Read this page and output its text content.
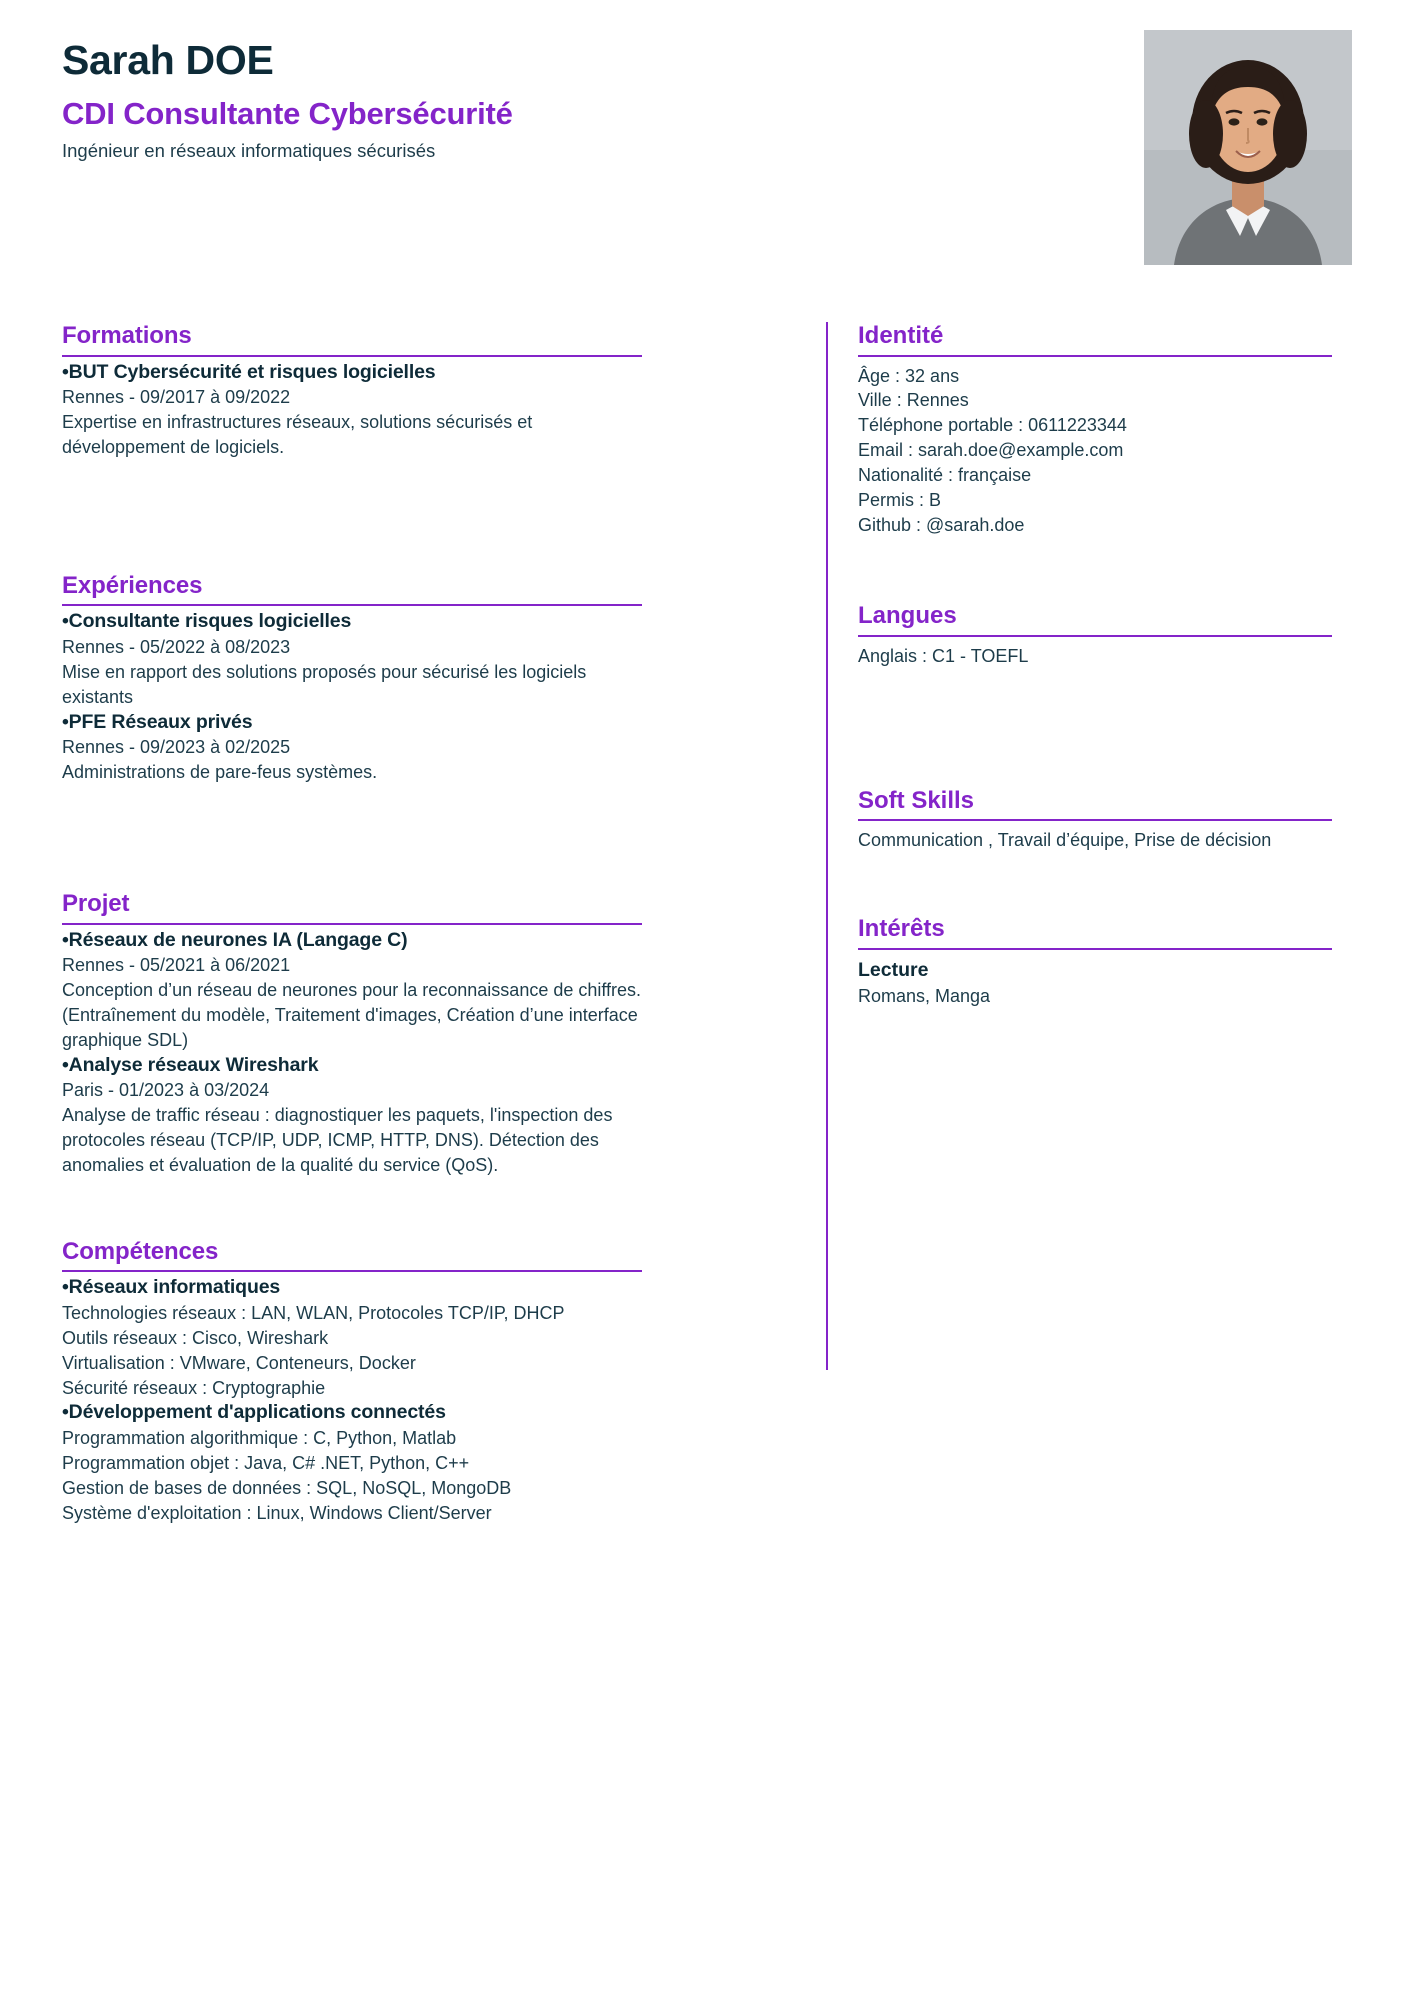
Sarah DOE
CDI Consultante Cybersécurité
Ingénieur en réseaux informatiques sécurisés
Formations
•BUT Cybersécurité et risques logicielles
Rennes - 09/2017 à 09/2022
Expertise en infrastructures réseaux, solutions sécurisés et développement de logiciels.
Expériences
•Consultante risques logicielles
Rennes - 05/2022 à 08/2023
Mise en rapport des solutions proposés pour sécurisé les logiciels existants
•PFE Réseaux privés
Rennes - 09/2023 à 02/2025
Administrations de pare-feus systèmes.
Projet
•Réseaux de neurones IA (Langage C)
Rennes - 05/2021 à 06/2021
Conception d’un réseau de neurones pour la reconnaissance de chiffres. (Entraînement du modèle, Traitement d'images, Création d’une interface graphique SDL)
•Analyse réseaux Wireshark
Paris - 01/2023 à 03/2024
Analyse de traffic réseau : diagnostiquer les paquets, l'inspection des protocoles réseau (TCP/IP, UDP, ICMP, HTTP, DNS). Détection des anomalies et évaluation de la qualité du service (QoS).
Compétences
•Réseaux informatiques
Technologies réseaux : LAN, WLAN, Protocoles TCP/IP, DHCP
Outils réseaux : Cisco, Wireshark
Virtualisation : VMware, Conteneurs, Docker
Sécurité réseaux : Cryptographie
•Développement d'applications connectés
Programmation algorithmique : C, Python, Matlab
Programmation objet : Java, C# .NET, Python, C++
Gestion de bases de données : SQL, NoSQL, MongoDB
Système d'exploitation : Linux, Windows Client/Server
Identité
Âge : 32 ans
Ville : Rennes
Téléphone portable : 0611223344
Email : sarah.doe@example.com
Nationalité : française
Permis : B
Github : @sarah.doe
Langues
Anglais : C1 - TOEFL
Soft Skills
Communication , Travail d’équipe, Prise de décision
Intérêts
Lecture
Romans, Manga
